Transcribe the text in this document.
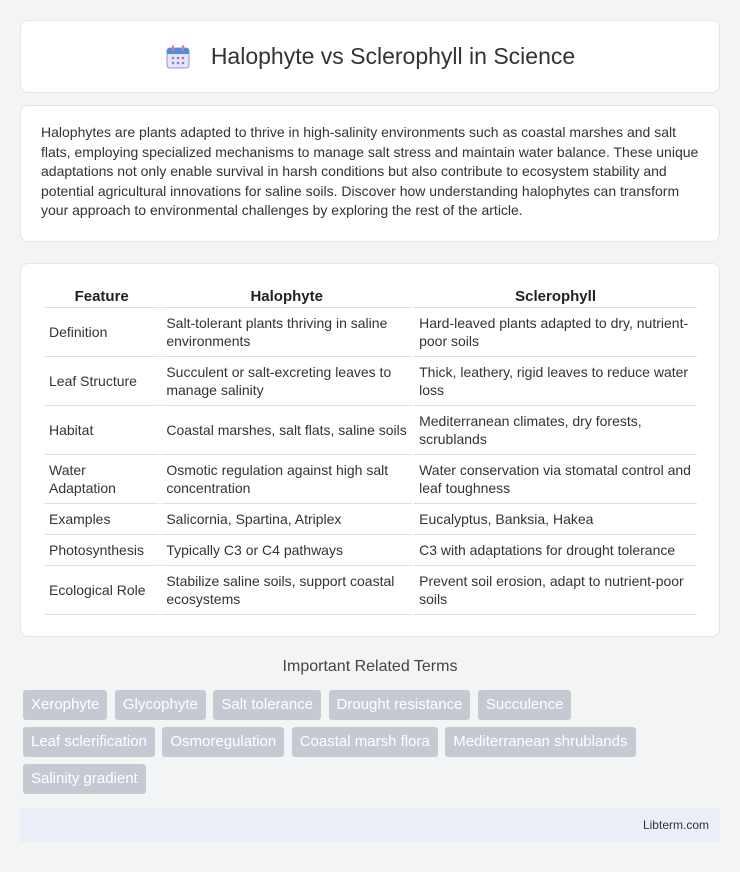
Halophyte vs Sclerophyll in Science

Halophytes are plants adapted to thrive in high-salinity environments such as coastal marshes and salt flats, employing specialized mechanisms to manage salt stress and maintain water balance. These unique adaptations not only enable survival in harsh conditions but also contribute to ecosystem stability and potential agricultural innovations for saline soils. Discover how understanding halophytes can transform your approach to environmental challenges by exploring the rest of the article.

Feature	Halophyte	Sclerophyll
Definition	Salt-tolerant plants thriving in saline environments	Hard-leaved plants adapted to dry, nutrient-poor soils
Leaf Structure	Succulent or salt-excreting leaves to manage salinity	Thick, leathery, rigid leaves to reduce water loss
Habitat	Coastal marshes, salt flats, saline soils	Mediterranean climates, dry forests, scrublands
Water Adaptation	Osmotic regulation against high salt concentration	Water conservation via stomatal control and leaf toughness
Examples	Salicornia, Spartina, Atriplex	Eucalyptus, Banksia, Hakea
Photosynthesis	Typically C3 or C4 pathways	C3 with adaptations for drought tolerance
Ecological Role	Stabilize saline soils, support coastal ecosystems	Prevent soil erosion, adapt to nutrient-poor soils
Important Related Terms
Xerophyte Glycophyte Salt tolerance Drought resistance Succulence Leaf sclerification Osmoregulation Coastal marsh flora Mediterranean shrublands Salinity gradient
Libterm.com
